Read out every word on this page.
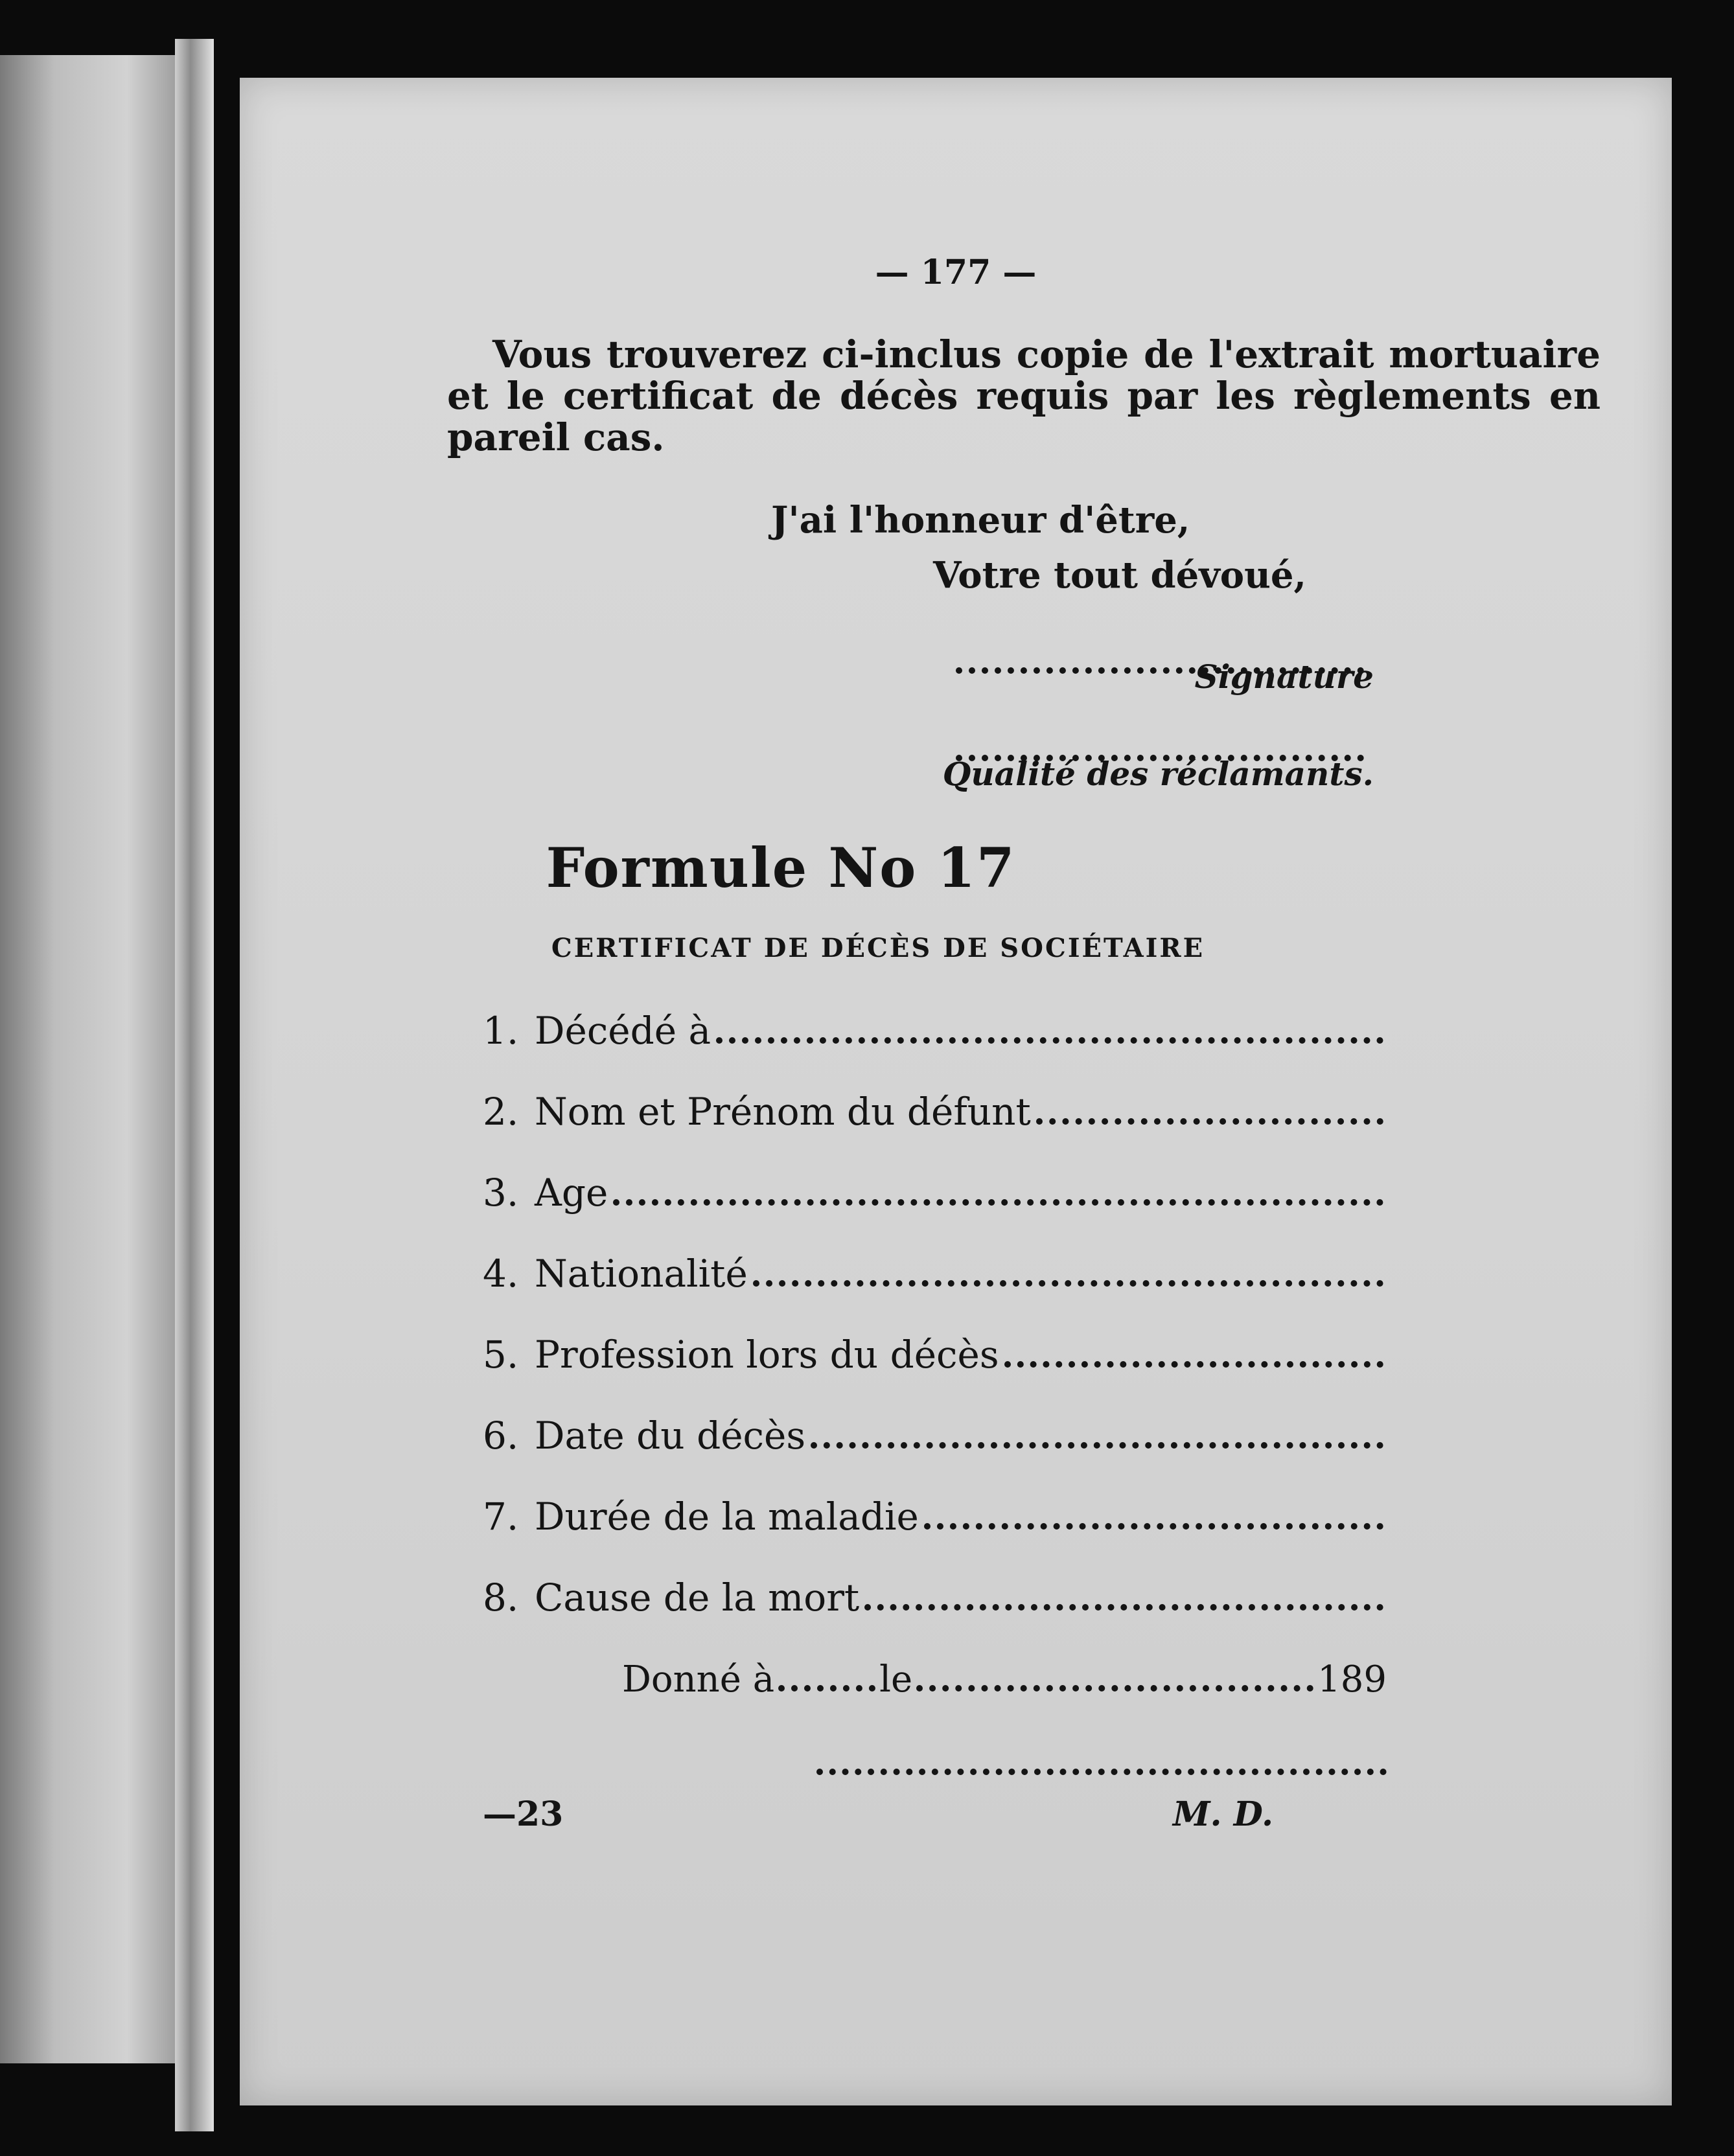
— 177 —

Vous trouverez ci-inclus copie de l'extrait mortuaire et le certificat de décès requis par les règlements en pareil cas.

J'ai l'honneur d'être,

Votre tout dévoué,

Signature

Qualité des réclamants.

Formule No 17

CERTIFICAT DE DÉCÈS DE SOCIÉTAIRE

1. Décédé à
2. Nom et Prénom du défunt
3. Age
4. Nationalité
5. Profession lors du décès
6. Date du décès
7. Durée de la maladie
8. Cause de la mort
Donné à	le	189

—23	M. D.
